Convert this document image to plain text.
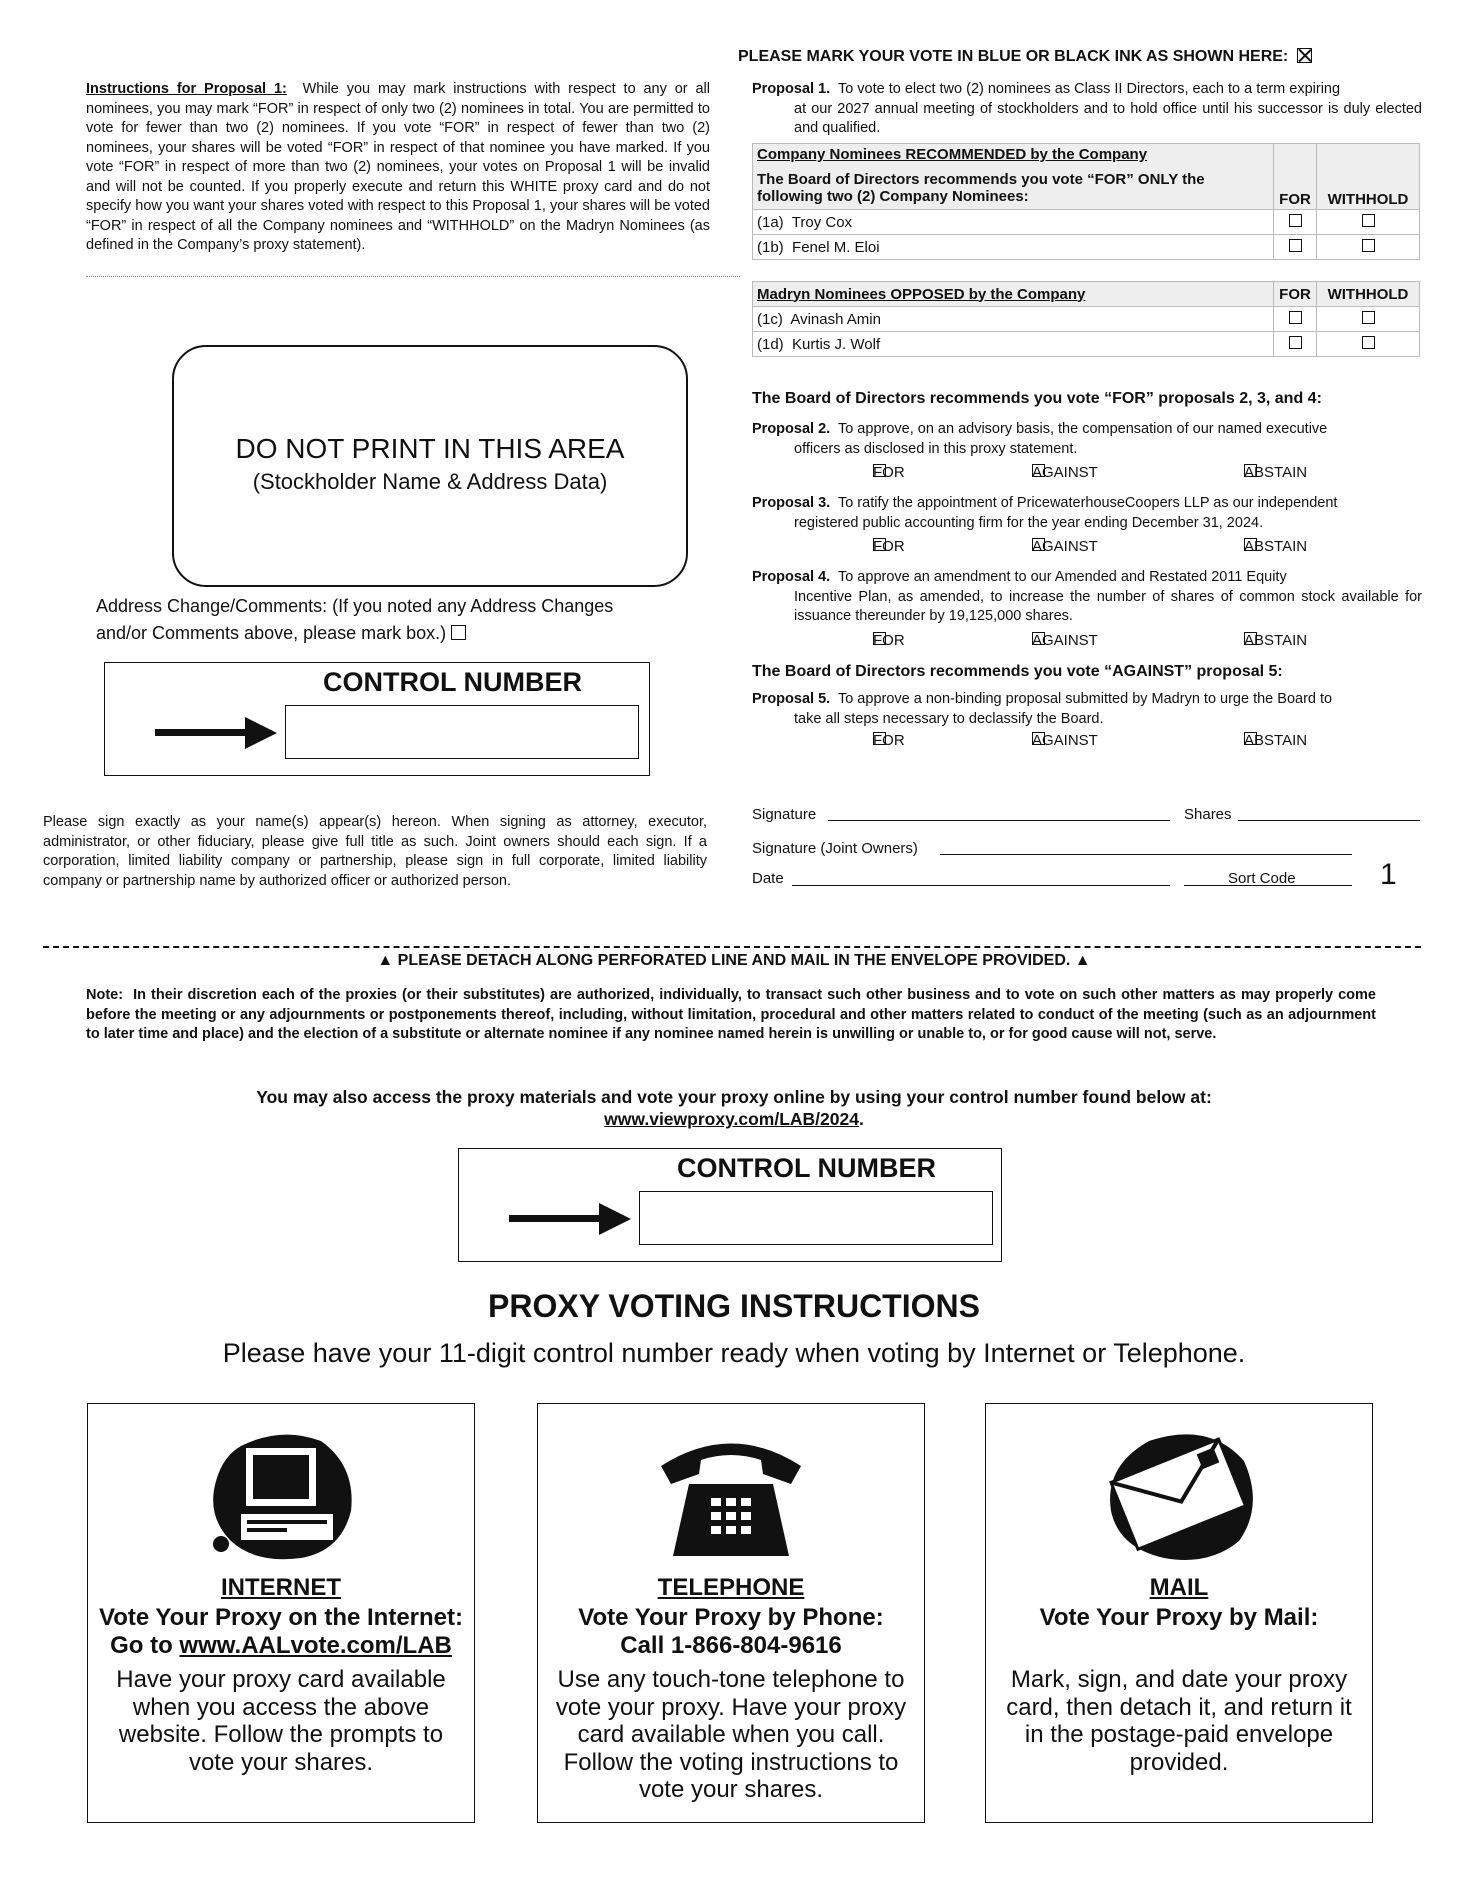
PLEASE MARK YOUR VOTE IN BLUE OR BLACK INK AS SHOWN HERE:
Instructions for Proposal 1: While you may mark instructions with respect to any or all nominees, you may mark “FOR” in respect of only two (2) nominees in total. You are permitted to vote for fewer than two (2) nominees. If you vote “FOR” in respect of fewer than two (2) nominees, your shares will be voted “FOR” in respect of that nominee you have marked. If you vote “FOR” in respect of more than two (2) nominees, your votes on Proposal 1 will be invalid and will not be counted. If you properly execute and return this WHITE proxy card and do not specify how you want your shares voted with respect to this Proposal 1, your shares will be voted “FOR” in respect of all the Company nominees and “WITHHOLD” on the Madryn Nominees (as defined in the Company’s proxy statement).
Proposal 1. To vote to elect two (2) nominees as Class II Directors, each to a term expiring
at our 2027 annual meeting of stockholders and to hold office until his successor is duly elected and qualified.
Company Nominees RECOMMENDED by the Company
The Board of Directors recommends you vote “FOR” ONLY the following two (2) Company Nominees:	FOR	WITHHOLD
(1a) Troy Cox		
(1b) Fenel M. Eloi		
Madryn Nominees OPPOSED by the Company	FOR	WITHHOLD
(1c) Avinash Amin		
(1d) Kurtis J. Wolf		
DO NOT PRINT IN THIS AREA
(Stockholder Name & Address Data)
Address Change/Comments: (If you noted any Address Changes
and/or Comments above, please mark box.)
CONTROL NUMBER
The Board of Directors recommends you vote “FOR” proposals 2, 3, and 4:
Proposal 2. To approve, on an advisory basis, the compensation of our named executive
officers as disclosed in this proxy statement.
FOR	AGAINST	ABSTAIN
Proposal 3. To ratify the appointment of PricewaterhouseCoopers LLP as our independent
registered public accounting firm for the year ending December 31, 2024.
FOR	AGAINST	ABSTAIN
Proposal 4. To approve an amendment to our Amended and Restated 2011 Equity
Incentive Plan, as amended, to increase the number of shares of common stock available for issuance thereunder by 19,125,000 shares.
FOR	AGAINST	ABSTAIN
The Board of Directors recommends you vote “AGAINST” proposal 5:
Proposal 5. To approve a non-binding proposal submitted by Madryn to urge the Board to
take all steps necessary to declassify the Board.
FOR	AGAINST	ABSTAIN
Please sign exactly as your name(s) appear(s) hereon. When signing as attorney, executor, administrator, or other fiduciary, please give full title as such. Joint owners should each sign. If a corporation, limited liability company or partnership, please sign in full corporate, limited liability company or partnership name by authorized officer or authorized person.
Signature	Shares
Signature (Joint Owners)
Date	Sort Code	1
▲ PLEASE DETACH ALONG PERFORATED LINE AND MAIL IN THE ENVELOPE PROVIDED. ▲
Note: In their discretion each of the proxies (or their substitutes) are authorized, individually, to transact such other business and to vote on such other matters as may properly come before the meeting or any adjournments or postponements thereof, including, without limitation, procedural and other matters related to conduct of the meeting (such as an adjournment to later time and place) and the election of a substitute or alternate nominee if any nominee named herein is unwilling or unable to, or for good cause will not, serve.
You may also access the proxy materials and vote your proxy online by using your control number found below at:
www.viewproxy.com/LAB/2024.
CONTROL NUMBER
PROXY VOTING INSTRUCTIONS
Please have your 11-digit control number ready when voting by Internet or Telephone.
INTERNET
Vote Your Proxy on the Internet:
Go to www.AALvote.com/LAB
Have your proxy card available when you access the above website. Follow the prompts to vote your shares.
TELEPHONE
Vote Your Proxy by Phone:
Call 1-866-804-9616
Use any touch-tone telephone to vote your proxy. Have your proxy card available when you call. Follow the voting instructions to vote your shares.
MAIL
Vote Your Proxy by Mail:
Mark, sign, and date your proxy card, then detach it, and return it in the postage-paid envelope provided.
